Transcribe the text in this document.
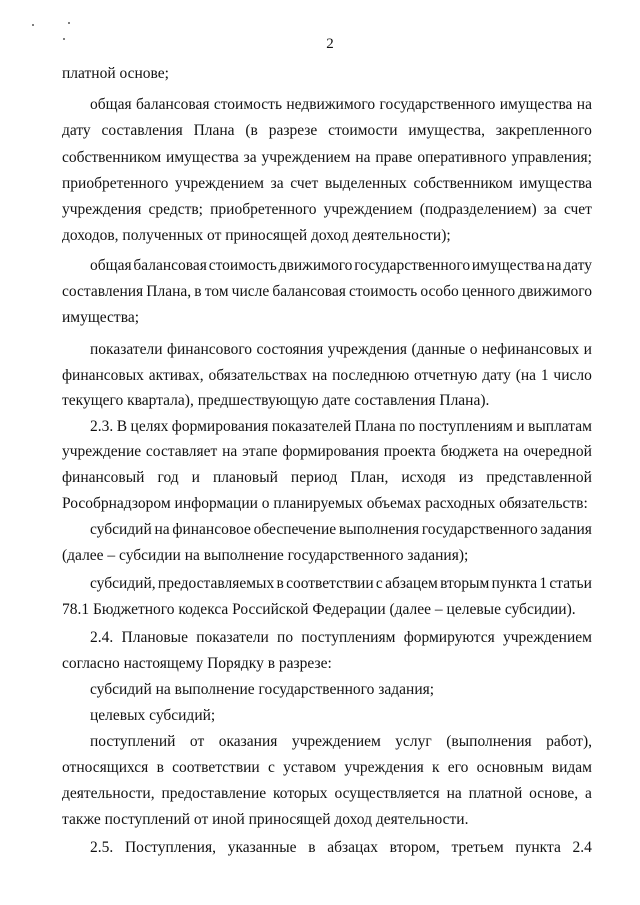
2
платной основе;
общая балансовая стоимость недвижимого государственного имущества на
дату составления Плана (в разрезе стоимости имущества, закрепленного
собственником имущества за учреждением на праве оперативного управления;
приобретенного учреждением за счет выделенных собственником имущества
учреждения средств; приобретенного учреждением (подразделением) за счет
доходов, полученных от приносящей доход деятельности);
общая балансовая стоимость движимого государственного имущества на дату
составления Плана, в том числе балансовая стоимость особо ценного движимого
имущества;
показатели финансового состояния учреждения (данные о нефинансовых и
финансовых активах, обязательствах на последнюю отчетную дату (на 1 число
текущего квартала), предшествующую дате составления Плана).
2.3. В целях формирования показателей Плана по поступлениям и выплатам
учреждение составляет на этапе формирования проекта бюджета на очередной
финансовый год и плановый период План, исходя из представленной
Рособрнадзором информации о планируемых объемах расходных обязательств:
субсидий на финансовое обеспечение выполнения государственного задания
(далее – субсидии на выполнение государственного задания);
субсидий, предоставляемых в соответствии с абзацем вторым пункта 1 статьи
78.1 Бюджетного кодекса Российской Федерации (далее – целевые субсидии).
2.4. Плановые показатели по поступлениям формируются учреждением
согласно настоящему Порядку в разрезе:
субсидий на выполнение государственного задания;
целевых субсидий;
поступлений от оказания учреждением услуг (выполнения работ),
относящихся в соответствии с уставом учреждения к его основным видам
деятельности, предоставление которых осуществляется на платной основе, а
также поступлений от иной приносящей доход деятельности.
2.5. Поступления, указанные в абзацах втором, третьем пункта 2.4
